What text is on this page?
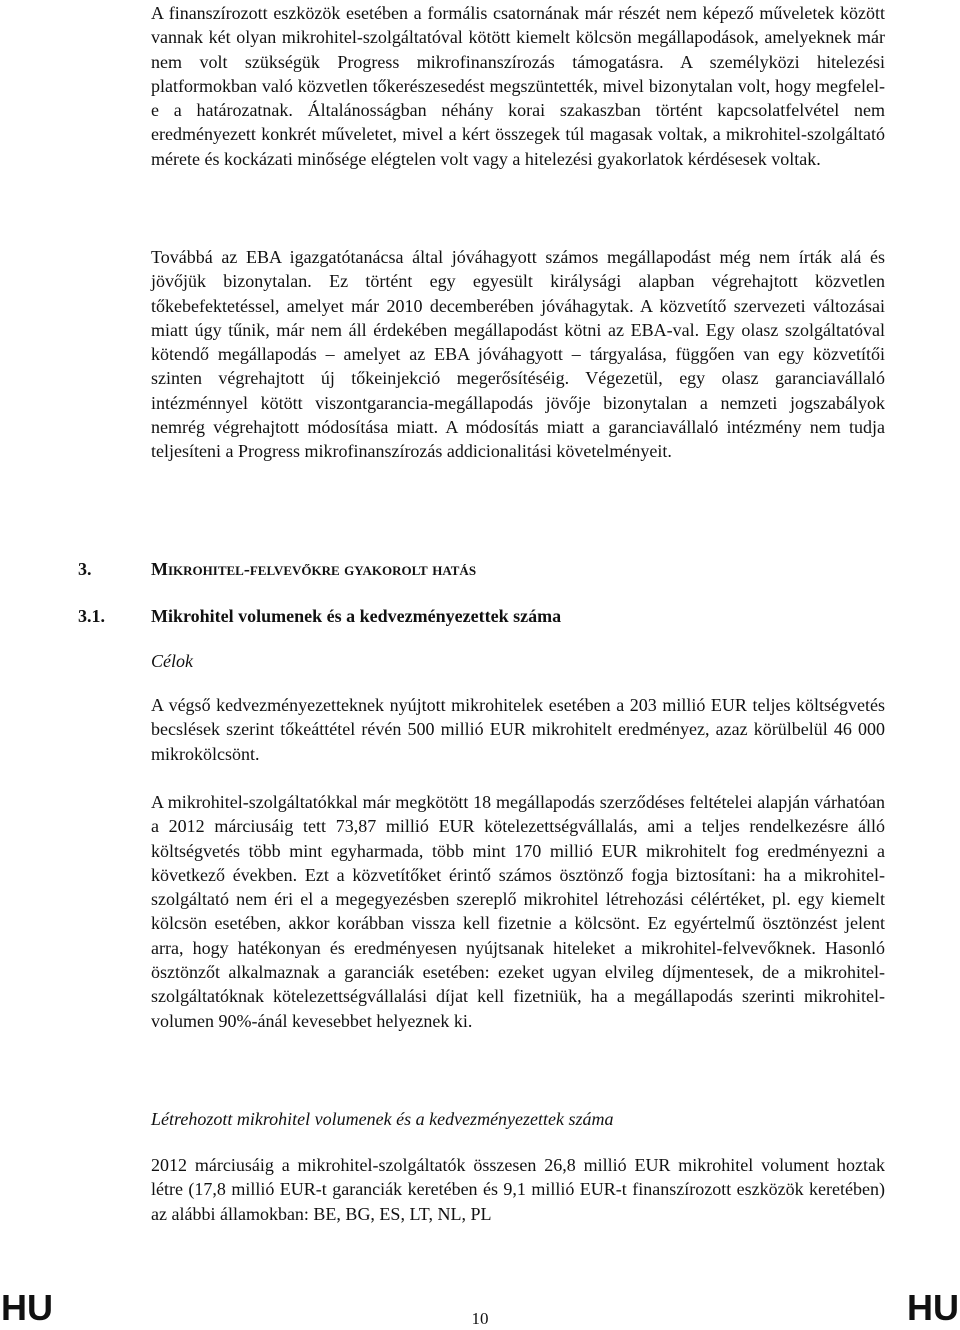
A finanszírozott eszközök esetében a formális csatornának már részét nem képező műveletek között vannak két olyan mikrohitel-szolgáltatóval kötött kiemelt kölcsön megállapodások, amelyeknek már nem volt szükségük Progress mikrofinanszírozás támogatásra. A személyközi hitelezési platformokban való közvetlen tőkerészesedést megszüntették, mivel bizonytalan volt, hogy megfelel-e a határozatnak. Általánosságban néhány korai szakaszban történt kapcsolatfelvétel nem eredményezett konkrét műveletet, mivel a kért összegek túl magasak voltak, a mikrohitel-szolgáltató mérete és kockázati minősége elégtelen volt vagy a hitelezési gyakorlatok kérdésesek voltak.

Továbbá az EBA igazgatótanácsa által jóváhagyott számos megállapodást még nem írták alá és jövőjük bizonytalan. Ez történt egy egyesült királysági alapban végrehajtott közvetlen tőkebefektetéssel, amelyet már 2010 decemberében jóváhagytak. A közvetítő szervezeti változásai miatt úgy tűnik, már nem áll érdekében megállapodást kötni az EBA-val. Egy olasz szolgáltatóval kötendő megállapodás – amelyet az EBA jóváhagyott – tárgyalása, függően van egy közvetítői szinten végrehajtott új tőkeinjekció megerősítéséig. Végezetül, egy olasz garanciavállaló intézménnyel kötött viszontgarancia-megállapodás jövője bizonytalan a nemzeti jogszabályok nemrég végrehajtott módosítása miatt. A módosítás miatt a garanciavállaló intézmény nem tudja teljesíteni a Progress mikrofinanszírozás addicionalitási követelményeit.

3.	Mikrohitel-felvevőkre gyakorolt hatás
3.1.	Mikrohitel volumenek és a kedvezményezettek száma
Célok

A végső kedvezményezetteknek nyújtott mikrohitelek esetében a 203 millió EUR teljes költségvetés becslések szerint tőkeáttétel révén 500 millió EUR mikrohitelt eredményez, azaz körülbelül 46 000 mikrokölcsönt.

A mikrohitel-szolgáltatókkal már megkötött 18 megállapodás szerződéses feltételei alapján várhatóan a 2012 márciusáig tett 73,87 millió EUR kötelezettségvállalás, ami a teljes rendelkezésre álló költségvetés több mint egyharmada, több mint 170 millió EUR mikrohitelt fog eredményezni a következő években. Ezt a közvetítőket érintő számos ösztönző fogja biztosítani: ha a mikrohitel-szolgáltató nem éri el a megegyezésben szereplő mikrohitel létrehozási célértéket, pl. egy kiemelt kölcsön esetében, akkor korábban vissza kell fizetnie a kölcsönt. Ez egyértelmű ösztönzést jelent arra, hogy hatékonyan és eredményesen nyújtsanak hiteleket a mikrohitel-felvevőknek. Hasonló ösztönzőt alkalmaznak a garanciák esetében: ezeket ugyan elvileg díjmentesek, de a mikrohitel-szolgáltatóknak kötelezettségvállalási díjat kell fizetniük, ha a megállapodás szerinti mikrohitel-volumen 90%-ánál kevesebbet helyeznek ki.

Létrehozott mikrohitel volumenek és a kedvezményezettek száma

2012 márciusáig a mikrohitel-szolgáltatók összesen 26,8 millió EUR mikrohitel volument hoztak létre (17,8 millió EUR-t garanciák keretében és 9,1 millió EUR-t finanszírozott eszközök keretében) az alábbi államokban: BE, BG, ES, LT, NL, PL

HU	10	HU
